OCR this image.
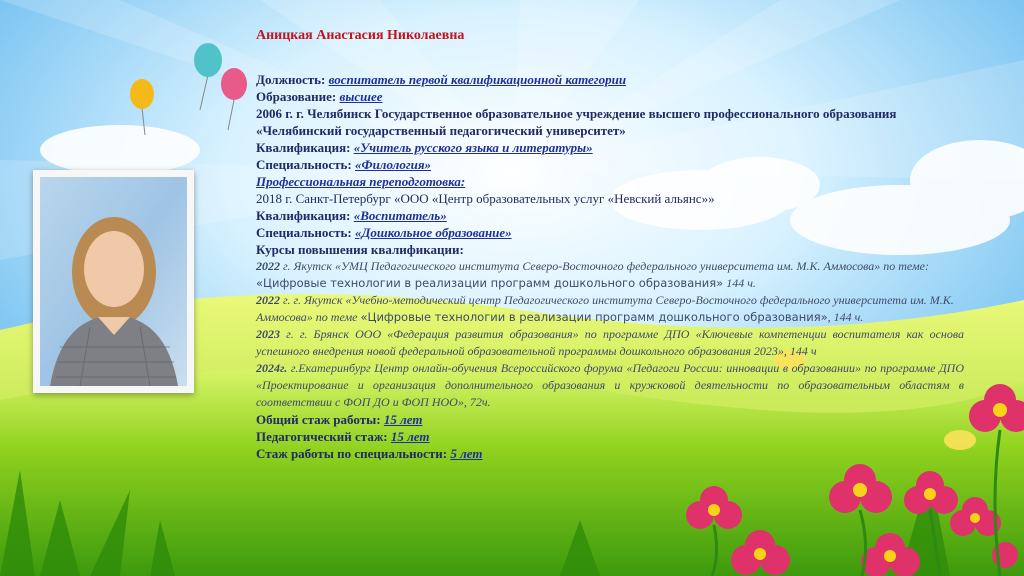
Аницкая Анастасия Николаевна
Должность: воспитатель первой квалификационной категории
Образование: высшее
2006 г. г. Челябинск Государственное образовательное учреждение высшего профессионального образования «Челябинский государственный педагогический университет»
Квалификация: «Учитель русского языка и литературы»
Специальность: «Филология»
Профессиональная переподготовка:
2018 г. Санкт-Петербург «ООО «Центр образовательных услуг «Невский альянс»»
Квалификация: «Воспитатель»
Специальность: «Дошкольное образование»
Курсы повышения квалификации:
2022 г. Якутск «УМЦ Педагогического института Северо-Восточного федерального университета им. М.К. Аммосова» по теме: «Цифровые технологии в реализации программ дошкольного образования» 144 ч.
2022 г. г. Якутск «Учебно-методический центр Педагогического института Северо-Восточного федерального университета им. М.К. Аммосова» по теме «Цифровые технологии в реализации программ дошкольного образования», 144 ч.
2023 г. г. Брянск ООО «Федерация развития образования» по программе ДПО «Ключевые компетенции воспитателя как основа успешного внедрения новой федеральной образовательной программы дошкольного образования 2023», 144 ч
2024г. г.Екатеринбург Центр онлайн-обучения Всероссийского форума «Педагоги России: инновации в образовании» по программе ДПО «Проектирование и организация дополнительного образования и кружковой деятельности по образовательным областям в соответствии с ФОП ДО и ФОП НОО», 72ч.
Общий стаж работы: 15 лет
Педагогический стаж: 15 лет
Стаж работы по специальности: 5 лет
